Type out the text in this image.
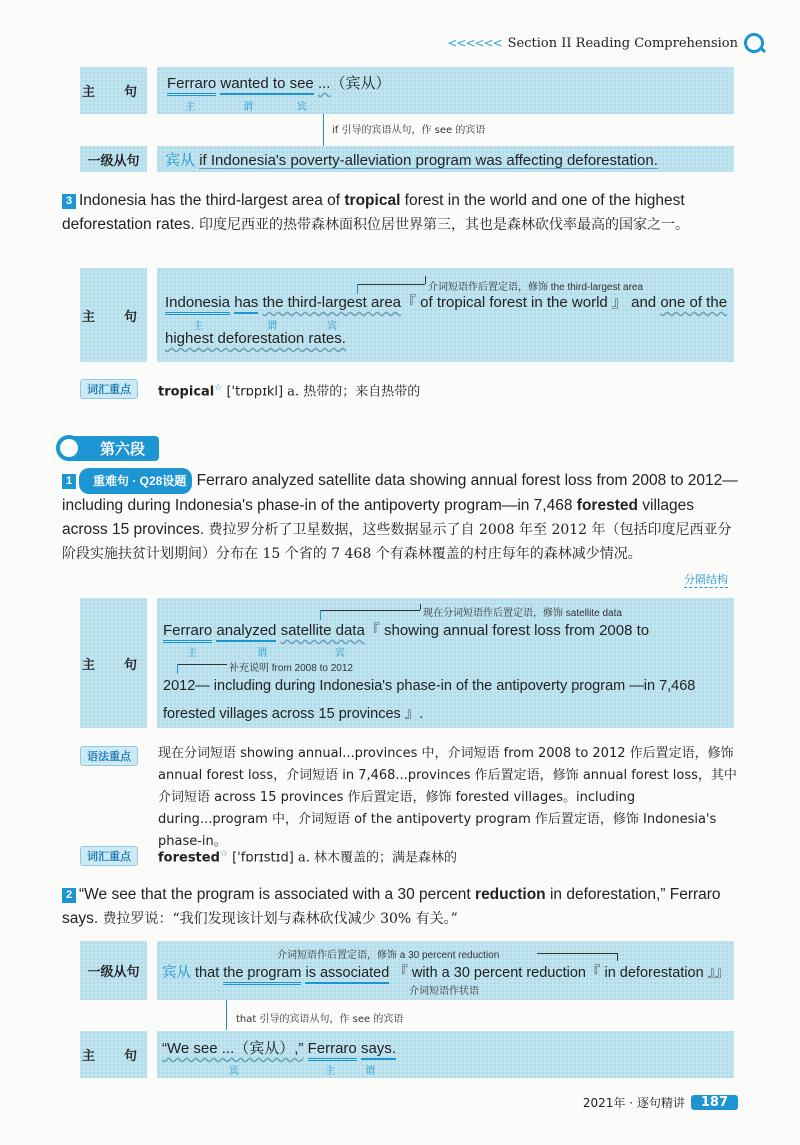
<<<<<< Section II Reading Comprehension
主　句
Ferraro wanted to see ...（宾从）
主	谓	宾
if 引导的宾语从句，作 see 的宾语
一级从句	宾从 if Indonesia's poverty-alleviation program was affecting deforestation.
3 Indonesia has the third-largest area of tropical forest in the world and one of the highest deforestation rates. 印度尼西亚的热带森林面积位居世界第三，其也是森林砍伐率最高的国家之一。
主　句
介词短语作后置定语，修饰 the third-largest area
Indonesia has the third-largest area『 of tropical forest in the world 』 and one of the
主	谓	宾
highest deforestation rates.
词汇重点	tropical☆ ['trɒpɪkl] a. 热带的；来自热带的
第六段
1 重难句 · Q28设题 Ferraro analyzed satellite data showing annual forest loss from 2008 to 2012—including during Indonesia's phase-in of the antipoverty program—in 7,468 forested villages across 15 provinces. 费拉罗分析了卫星数据，这些数据显示了自 2008 年至 2012 年（包括印度尼西亚分阶段实施扶贫计划期间）分布在 15 个省的 7 468 个有森林覆盖的村庄每年的森林减少情况。
分隔结构
主　句
现在分词短语作后置定语，修饰 satellite data
Ferraro analyzed satellite data『 showing annual forest loss from 2008 to
主	谓	宾
补充说明 from 2008 to 2012
2012— including during Indonesia's phase-in of the antipoverty program —in 7,468
forested villages across 15 provinces 』.
语法重点	现在分词短语 showing annual...provinces 中，介词短语 from 2008 to 2012 作后置定语，修饰 annual forest loss，介词短语 in 7,468...provinces 作后置定语，修饰 annual forest loss，其中介词短语 across 15 provinces 作后置定语，修饰 forested villages。including during...program 中，介词短语 of the antipoverty program 作后置定语，修饰 Indonesia's phase-in。
词汇重点	forested☆ ['fɒrɪstɪd] a. 林木覆盖的；满是森林的
2 “We see that the program is associated with a 30 percent reduction in deforestation,” Ferraro says. 费拉罗说：“我们发现该计划与森林砍伐减少 30% 有关。”
一级从句
介词短语作后置定语，修饰 a 30 percent reduction
宾从 that the program is associated 『 with a 30 percent reduction『 in deforestation 』』
介词短语作状语
that 引导的宾语从句，作 see 的宾语
主　句 “We see ...（宾从）,” Ferraro says.
宾	主	谓
2021年 · 逐句精讲	187
